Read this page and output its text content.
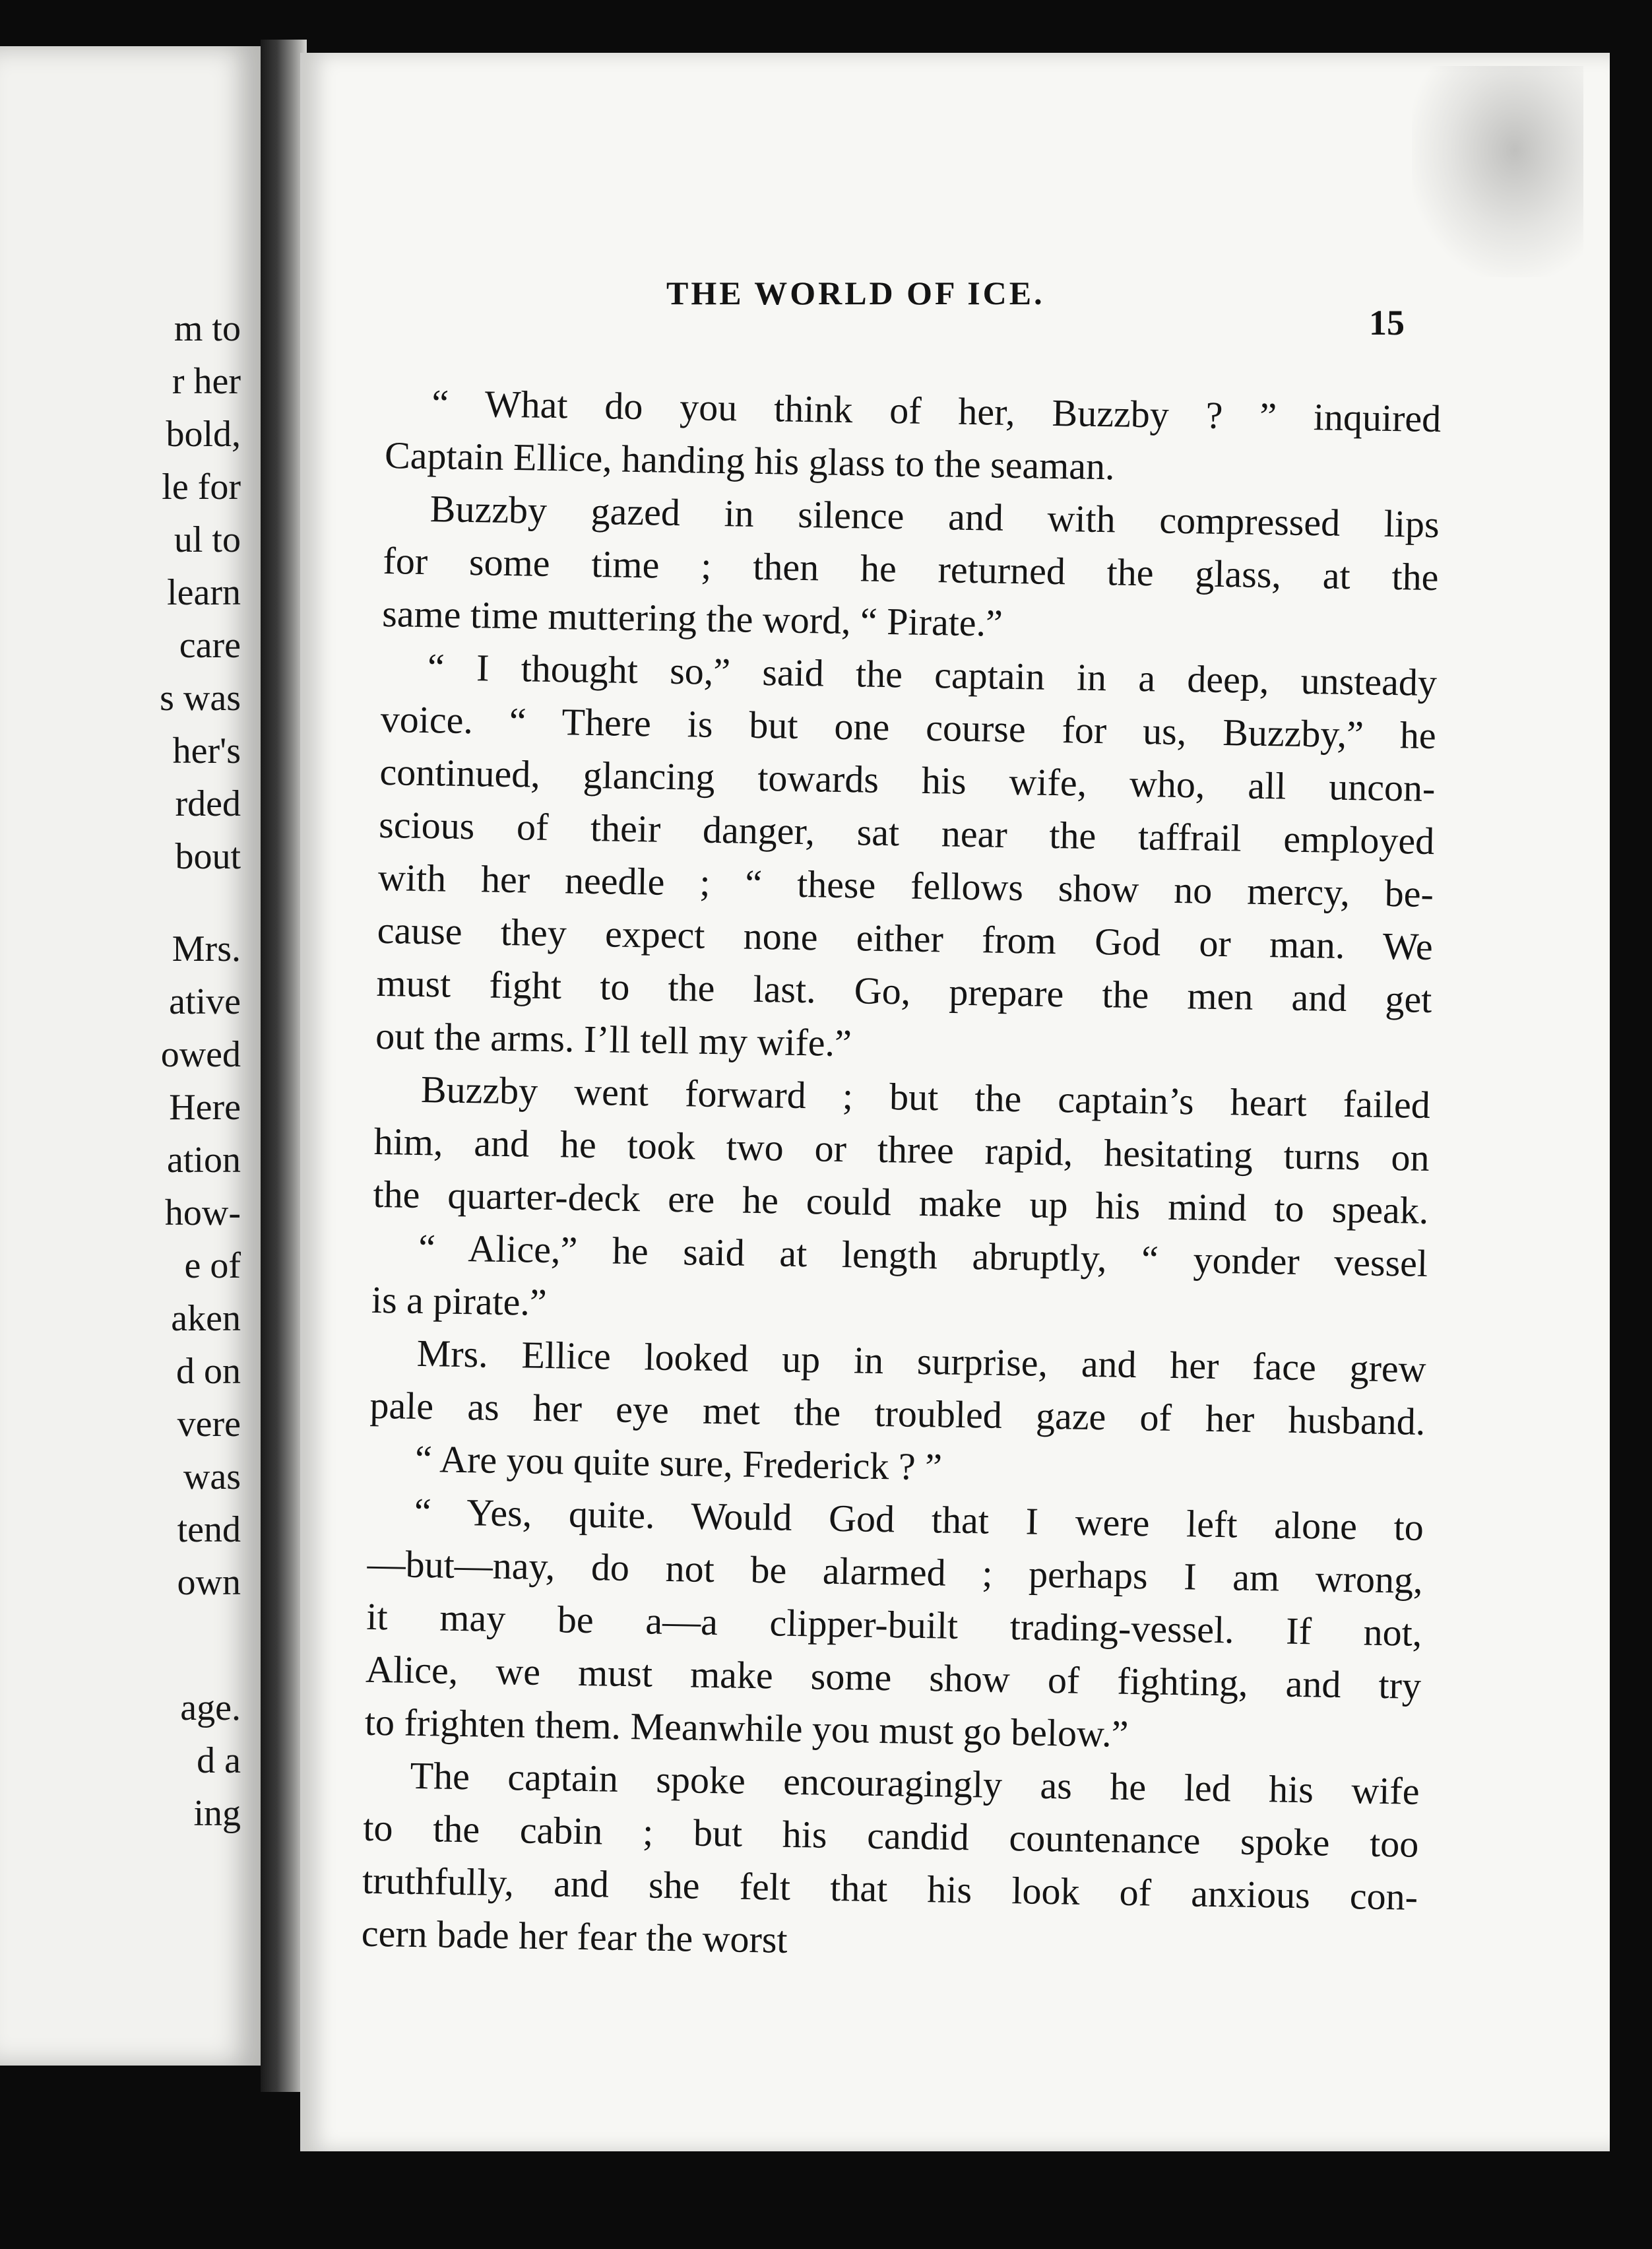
m to
r her
bold,
le for
ul to
learn
care
s was
her's
rded
bout
Mrs.
ative
owed
Here
ation
how-
e of
aken
d on
vere
was
tend
own
age.
d a
ing
THE WORLD OF ICE.
15
“ What do you think of her, Buzzby ? ” inquired
Captain Ellice, handing his glass to the seaman.
Buzzby gazed in silence and with compressed lips
for some time ; then he returned the glass, at the
same time muttering the word, “ Pirate.”
“ I thought so,” said the captain in a deep, unsteady
voice. “ There is but one course for us, Buzzby,” he
continued, glancing towards his wife, who, all uncon-
scious of their danger, sat near the taffrail employed
with her needle ; “ these fellows show no mercy, be-
cause they expect none either from God or man. We
must fight to the last. Go, prepare the men and get
out the arms. I’ll tell my wife.”
Buzzby went forward ; but the captain’s heart failed
him, and he took two or three rapid, hesitating turns on
the quarter-deck ere he could make up his mind to speak.
“ Alice,” he said at length abruptly, “ yonder vessel
is a pirate.”
Mrs. Ellice looked up in surprise, and her face grew
pale as her eye met the troubled gaze of her husband.
“ Are you quite sure, Frederick ? ”
“ Yes, quite. Would God that I were left alone to
—but—nay, do not be alarmed ; perhaps I am wrong,
it may be a—a clipper-built trading-vessel. If not,
Alice, we must make some show of fighting, and try
to frighten them. Meanwhile you must go below.”
The captain spoke encouragingly as he led his wife
to the cabin ; but his candid countenance spoke too
truthfully, and she felt that his look of anxious con-
cern bade her fear the worst
